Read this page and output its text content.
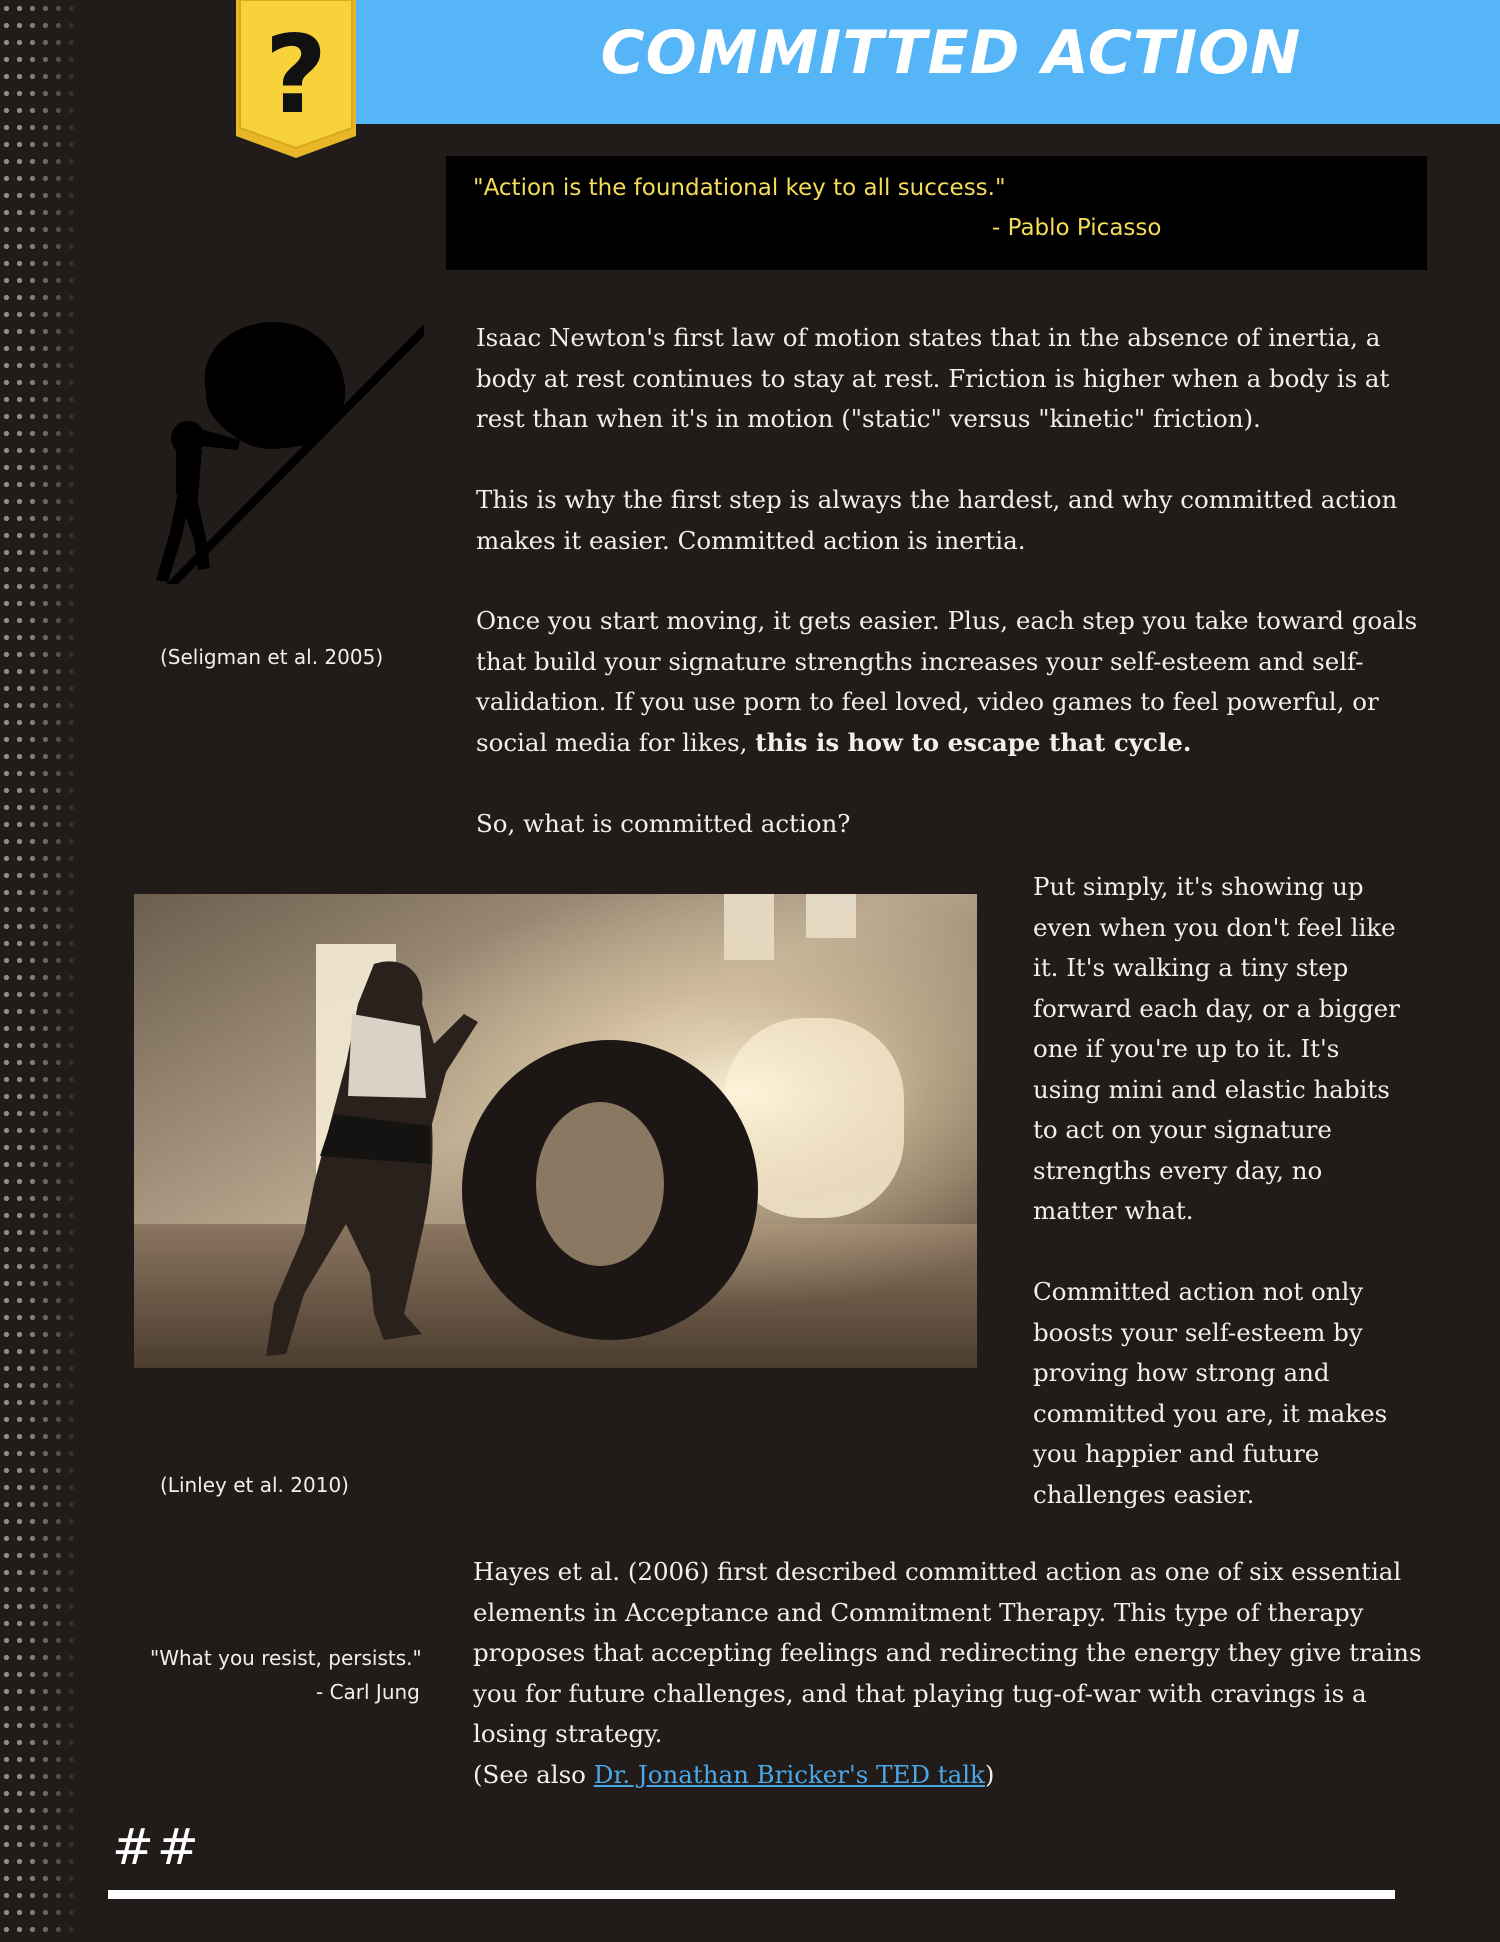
COMMITTED ACTION
?
"Action is the foundational key to all success."
- Pablo Picasso

Isaac Newton's first law of motion states that in the absence of inertia, a body at rest continues to stay at rest. Friction is higher when a body is at rest than when it's in motion ("static" versus "kinetic" friction).

This is why the first step is always the hardest, and why committed action makes it easier. Committed action is inertia.

Once you start moving, it gets easier. Plus, each step you take toward goals that build your signature strengths increases your self-esteem and self-validation. If you use porn to feel loved, video games to feel powerful, or social media for likes, this is how to escape that cycle.

So, what is committed action?

(Seligman et al. 2005)
(Linley et al. 2010)

Put simply, it's showing up even when you don't feel like it. It's walking a tiny step forward each day, or a bigger one if you're up to it. It's using mini and elastic habits to act on your signature strengths every day, no matter what.

Committed action not only boosts your self-esteem by proving how strong and committed you are, it makes you happier and future challenges easier.

"What you resist, persists."
- Carl Jung

Hayes et al. (2006) first described committed action as one of six essential elements in Acceptance and Commitment Therapy. This type of therapy proposes that accepting feelings and redirecting the energy they give trains you for future challenges, and that playing tug-of-war with cravings is a losing strategy.

(See also Dr. Jonathan Bricker's TED talk)

##
